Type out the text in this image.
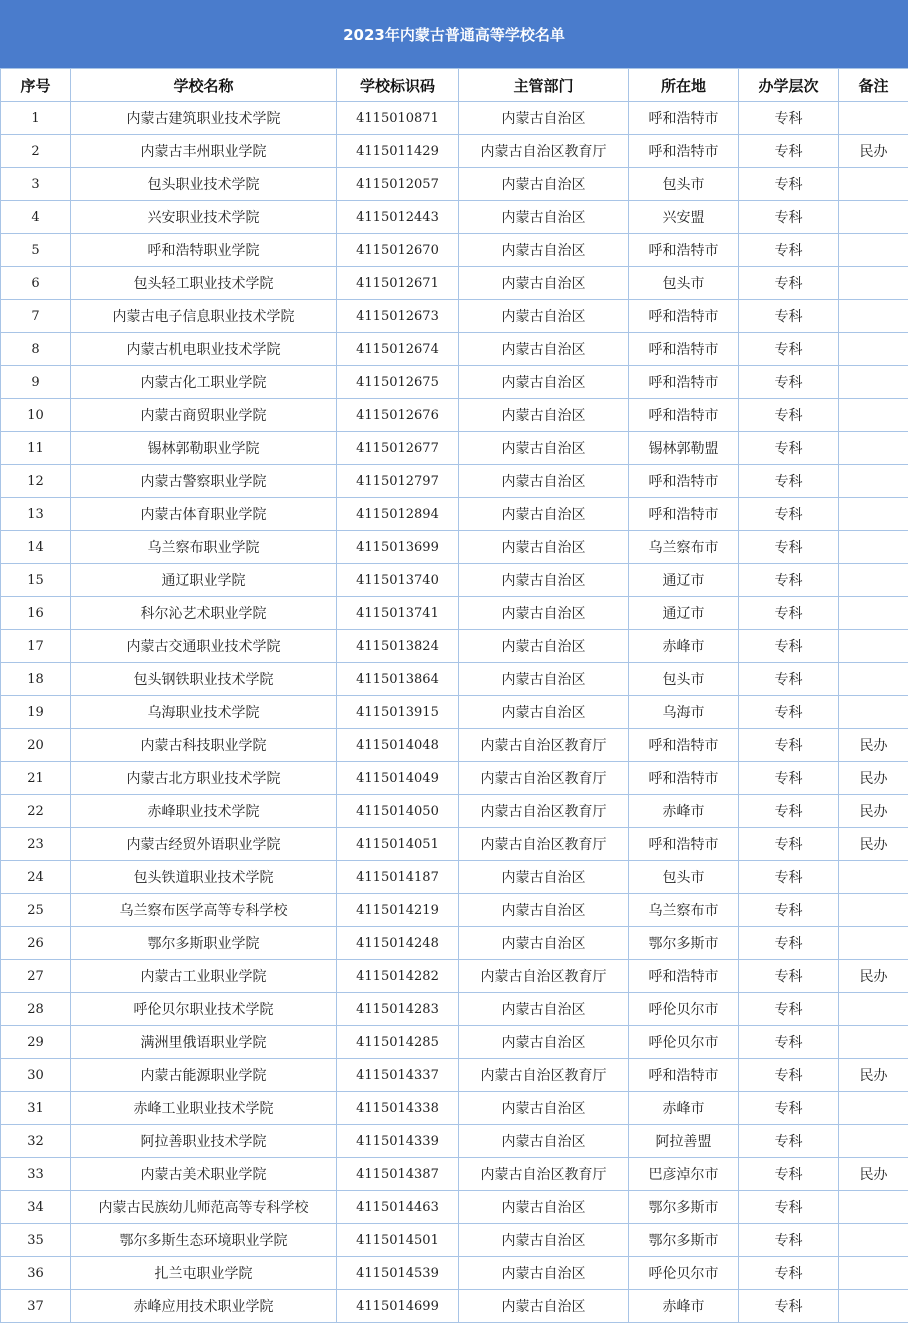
2023年内蒙古普通高等学校名单
序号	学校名称	学校标识码	主管部门	所在地	办学层次	备注
1	内蒙古建筑职业技术学院	4115010871	内蒙古自治区	呼和浩特市	专科	
2	内蒙古丰州职业学院	4115011429	内蒙古自治区教育厅	呼和浩特市	专科	民办
3	包头职业技术学院	4115012057	内蒙古自治区	包头市	专科	
4	兴安职业技术学院	4115012443	内蒙古自治区	兴安盟	专科	
5	呼和浩特职业学院	4115012670	内蒙古自治区	呼和浩特市	专科	
6	包头轻工职业技术学院	4115012671	内蒙古自治区	包头市	专科	
7	内蒙古电子信息职业技术学院	4115012673	内蒙古自治区	呼和浩特市	专科	
8	内蒙古机电职业技术学院	4115012674	内蒙古自治区	呼和浩特市	专科	
9	内蒙古化工职业学院	4115012675	内蒙古自治区	呼和浩特市	专科	
10	内蒙古商贸职业学院	4115012676	内蒙古自治区	呼和浩特市	专科	
11	锡林郭勒职业学院	4115012677	内蒙古自治区	锡林郭勒盟	专科	
12	内蒙古警察职业学院	4115012797	内蒙古自治区	呼和浩特市	专科	
13	内蒙古体育职业学院	4115012894	内蒙古自治区	呼和浩特市	专科	
14	乌兰察布职业学院	4115013699	内蒙古自治区	乌兰察布市	专科	
15	通辽职业学院	4115013740	内蒙古自治区	通辽市	专科	
16	科尔沁艺术职业学院	4115013741	内蒙古自治区	通辽市	专科	
17	内蒙古交通职业技术学院	4115013824	内蒙古自治区	赤峰市	专科	
18	包头钢铁职业技术学院	4115013864	内蒙古自治区	包头市	专科	
19	乌海职业技术学院	4115013915	内蒙古自治区	乌海市	专科	
20	内蒙古科技职业学院	4115014048	内蒙古自治区教育厅	呼和浩特市	专科	民办
21	内蒙古北方职业技术学院	4115014049	内蒙古自治区教育厅	呼和浩特市	专科	民办
22	赤峰职业技术学院	4115014050	内蒙古自治区教育厅	赤峰市	专科	民办
23	内蒙古经贸外语职业学院	4115014051	内蒙古自治区教育厅	呼和浩特市	专科	民办
24	包头铁道职业技术学院	4115014187	内蒙古自治区	包头市	专科	
25	乌兰察布医学高等专科学校	4115014219	内蒙古自治区	乌兰察布市	专科	
26	鄂尔多斯职业学院	4115014248	内蒙古自治区	鄂尔多斯市	专科	
27	内蒙古工业职业学院	4115014282	内蒙古自治区教育厅	呼和浩特市	专科	民办
28	呼伦贝尔职业技术学院	4115014283	内蒙古自治区	呼伦贝尔市	专科	
29	满洲里俄语职业学院	4115014285	内蒙古自治区	呼伦贝尔市	专科	
30	内蒙古能源职业学院	4115014337	内蒙古自治区教育厅	呼和浩特市	专科	民办
31	赤峰工业职业技术学院	4115014338	内蒙古自治区	赤峰市	专科	
32	阿拉善职业技术学院	4115014339	内蒙古自治区	阿拉善盟	专科	
33	内蒙古美术职业学院	4115014387	内蒙古自治区教育厅	巴彦淖尔市	专科	民办
34	内蒙古民族幼儿师范高等专科学校	4115014463	内蒙古自治区	鄂尔多斯市	专科	
35	鄂尔多斯生态环境职业学院	4115014501	内蒙古自治区	鄂尔多斯市	专科	
36	扎兰屯职业学院	4115014539	内蒙古自治区	呼伦贝尔市	专科	
37	赤峰应用技术职业学院	4115014699	内蒙古自治区	赤峰市	专科	
